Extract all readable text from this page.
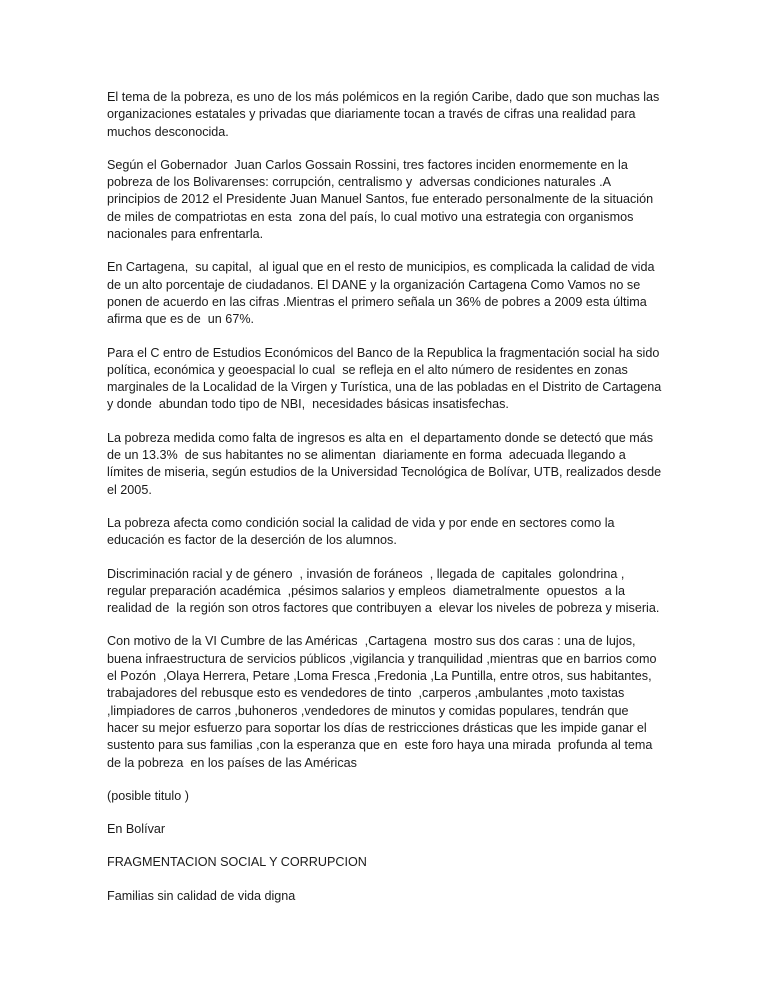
El tema de la pobreza, es uno de los más polémicos en la región Caribe, dado que son muchas las organizaciones estatales y privadas que diariamente tocan a través de cifras una realidad para muchos desconocida.

Según el Gobernador  Juan Carlos Gossain Rossini, tres factores inciden enormemente en la pobreza de los Bolivarenses: corrupción, centralismo y  adversas condiciones naturales .A principios de 2012 el Presidente Juan Manuel Santos, fue enterado personalmente de la situación de miles de compatriotas en esta  zona del país, lo cual motivo una estrategia con organismos nacionales para enfrentarla.

En Cartagena,  su capital,  al igual que en el resto de municipios, es complicada la calidad de vida de un alto porcentaje de ciudadanos. El DANE y la organización Cartagena Como Vamos no se ponen de acuerdo en las cifras .Mientras el primero señala un 36% de pobres a 2009 esta última afirma que es de  un 67%.

Para el C entro de Estudios Económicos del Banco de la Republica la fragmentación social ha sido política, económica y geoespacial lo cual  se refleja en el alto número de residentes en zonas marginales de la Localidad de la Virgen y Turística, una de las pobladas en el Distrito de Cartagena y donde  abundan todo tipo de NBI,  necesidades básicas insatisfechas.

La pobreza medida como falta de ingresos es alta en  el departamento donde se detectó que más de un 13.3%  de sus habitantes no se alimentan  diariamente en forma  adecuada llegando a límites de miseria, según estudios de la Universidad Tecnológica de Bolívar, UTB, realizados desde el 2005.

La pobreza afecta como condición social la calidad de vida y por ende en sectores como la educación es factor de la deserción de los alumnos.

Discriminación racial y de género  , invasión de foráneos  , llegada de  capitales  golondrina ,  regular preparación académica  ,pésimos salarios y empleos  diametralmente  opuestos  a la realidad de  la región son otros factores que contribuyen a  elevar los niveles de pobreza y miseria.

Con motivo de la VI Cumbre de las Américas  ,Cartagena  mostro sus dos caras : una de lujos, buena infraestructura de servicios públicos ,vigilancia y tranquilidad ,mientras que en barrios como el Pozón  ,Olaya Herrera, Petare ,Loma Fresca ,Fredonia ,La Puntilla, entre otros, sus habitantes,  trabajadores del rebusque esto es vendedores de tinto  ,carperos ,ambulantes ,moto taxistas ,limpiadores de carros ,buhoneros ,vendedores de minutos y comidas populares, tendrán que hacer su mejor esfuerzo para soportar los días de restricciones drásticas que les impide ganar el sustento para sus familias ,con la esperanza que en  este foro haya una mirada  profunda al tema de la pobreza  en los países de las Américas

(posible titulo )

En Bolívar

FRAGMENTACION SOCIAL Y CORRUPCION

Familias sin calidad de vida digna
